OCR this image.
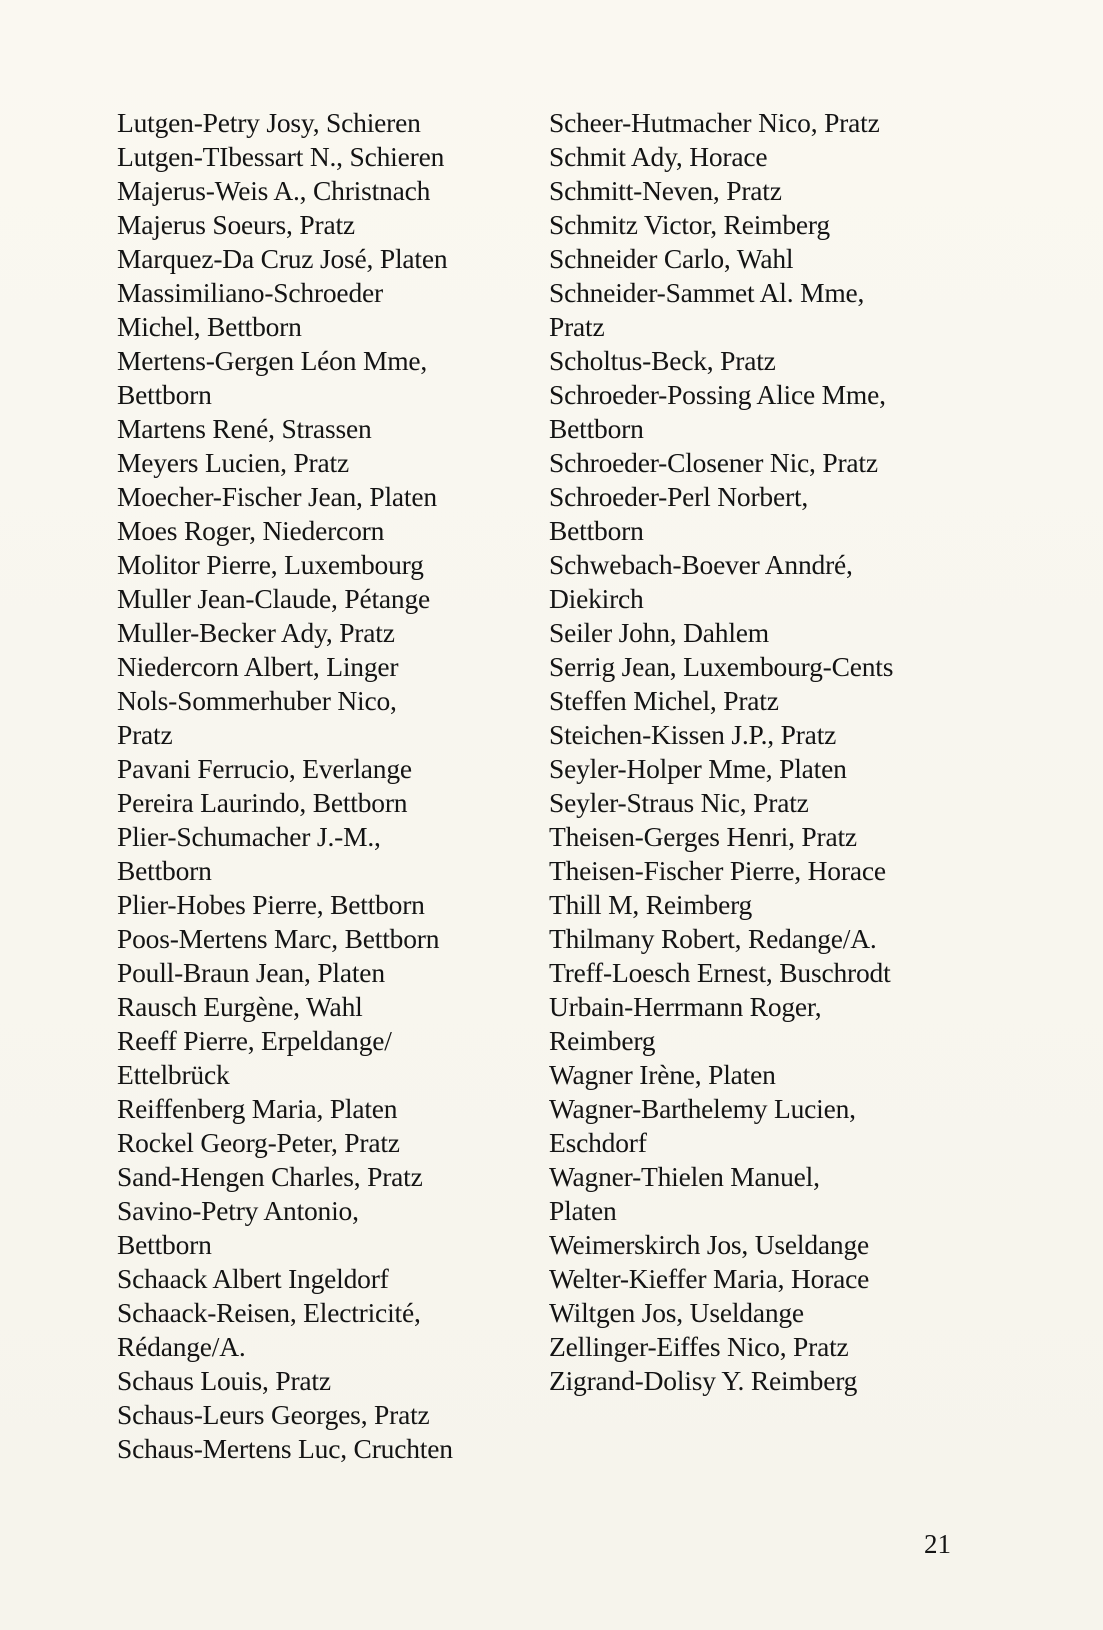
Lutgen-Petry Josy, Schieren
Lutgen-TIbessart N., Schieren
Majerus-Weis A., Christnach
Majerus Soeurs, Pratz
Marquez-Da Cruz José, Platen
Massimiliano-Schroeder
Michel, Bettborn
Mertens-Gergen Léon Mme,
Bettborn
Martens René, Strassen
Meyers Lucien, Pratz
Moecher-Fischer Jean, Platen
Moes Roger, Niedercorn
Molitor Pierre, Luxembourg
Muller Jean-Claude, Pétange
Muller-Becker Ady, Pratz
Niedercorn Albert, Linger
Nols-Sommerhuber Nico,
Pratz
Pavani Ferrucio, Everlange
Pereira Laurindo, Bettborn
Plier-Schumacher J.-M.,
Bettborn
Plier-Hobes Pierre, Bettborn
Poos-Mertens Marc, Bettborn
Poull-Braun Jean, Platen
Rausch Eurgène, Wahl
Reeff Pierre, Erpeldange/
Ettelbrück
Reiffenberg Maria, Platen
Rockel Georg-Peter, Pratz
Sand-Hengen Charles, Pratz
Savino-Petry Antonio,
Bettborn
Schaack Albert Ingeldorf
Schaack-Reisen, Electricité,
Rédange/A.
Schaus Louis, Pratz
Schaus-Leurs Georges, Pratz
Schaus-Mertens Luc, Cruchten
Scheer-Hutmacher Nico, Pratz
Schmit Ady, Horace
Schmitt-Neven, Pratz
Schmitz Victor, Reimberg
Schneider Carlo, Wahl
Schneider-Sammet Al. Mme,
Pratz
Scholtus-Beck, Pratz
Schroeder-Possing Alice Mme,
Bettborn
Schroeder-Closener Nic, Pratz
Schroeder-Perl Norbert,
Bettborn
Schwebach-Boever Anndré,
Diekirch
Seiler John, Dahlem
Serrig Jean, Luxembourg-Cents
Steffen Michel, Pratz
Steichen-Kissen J.P., Pratz
Seyler-Holper Mme, Platen
Seyler-Straus Nic, Pratz
Theisen-Gerges Henri, Pratz
Theisen-Fischer Pierre, Horace
Thill M, Reimberg
Thilmany Robert, Redange/A.
Treff-Loesch Ernest, Buschrodt
Urbain-Herrmann Roger,
Reimberg
Wagner Irène, Platen
Wagner-Barthelemy Lucien,
Eschdorf
Wagner-Thielen Manuel,
Platen
Weimerskirch Jos, Useldange
Welter-Kieffer Maria, Horace
Wiltgen Jos, Useldange
Zellinger-Eiffes Nico, Pratz
Zigrand-Dolisy Y. Reimberg
21
